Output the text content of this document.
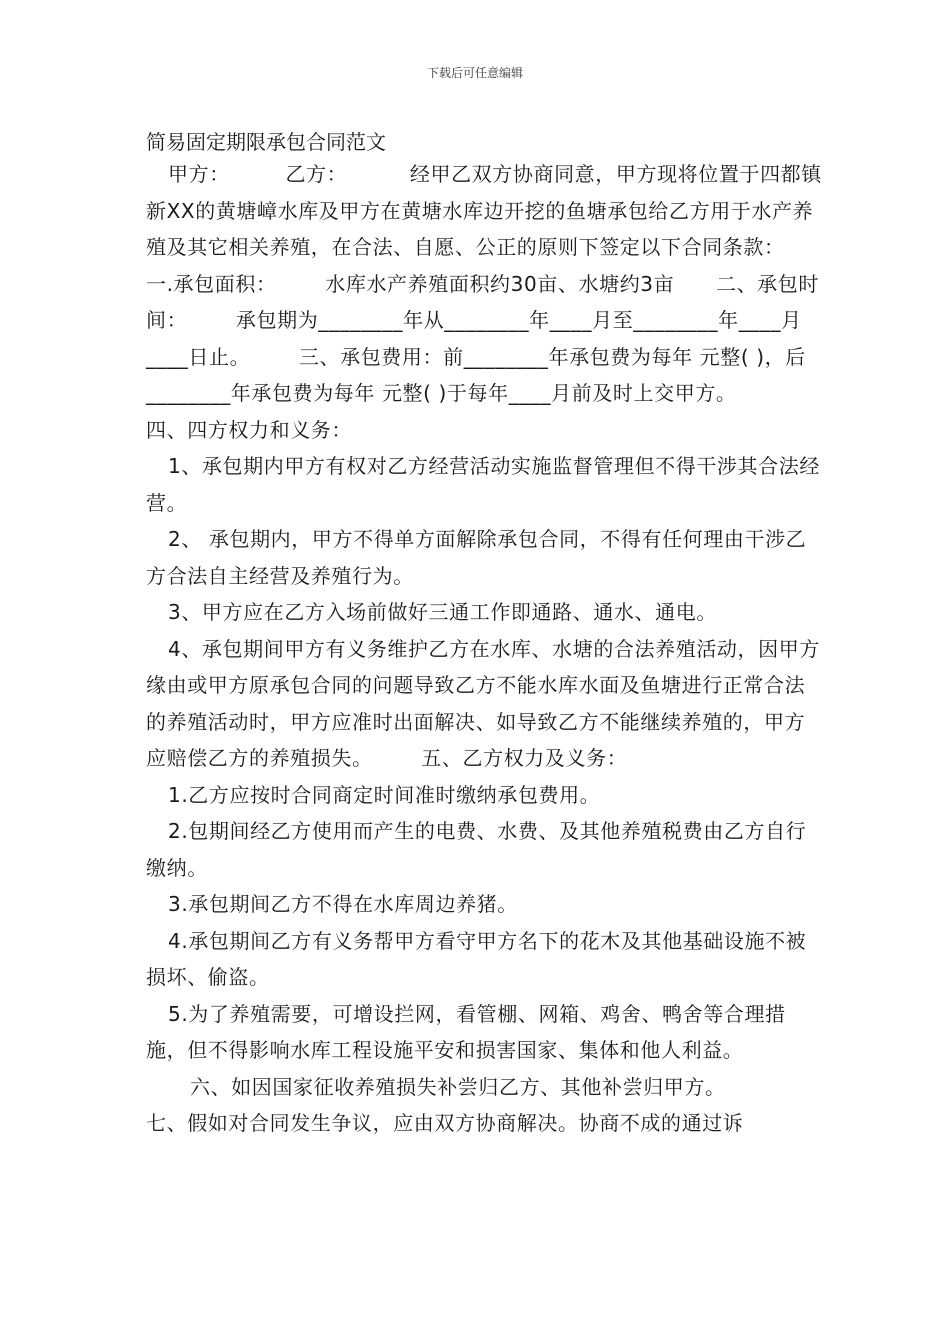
下载后可任意编辑
简易固定期限承包合同范文

甲方：        乙方：         经甲乙双方协商同意，甲方现将位置于四都镇新XX的黄塘嶂水库及甲方在黄塘水库边开挖的鱼塘承包给乙方用于水产养殖及其它相关养殖，在合法、自愿、公正的原则下签定以下合同条款：       一.承包面积：       水库水产养殖面积约30亩、水塘约3亩      二、承包时间：       承包期为________年从________年____月至________年____月____日止。       三、承包费用：前________年承包费为每年 元整( )，后________年承包费为每年 元整( )于每年____月前及时上交甲方。       四、四方权力和义务：

1、承包期内甲方有权对乙方经营活动实施监督管理但不得干涉其合法经营。

2、 承包期内，甲方不得单方面解除承包合同，不得有任何理由干涉乙方合法自主经营及养殖行为。

3、甲方应在乙方入场前做好三通工作即通路、通水、通电。

4、承包期间甲方有义务维护乙方在水库、水塘的合法养殖活动，因甲方缘由或甲方原承包合同的问题导致乙方不能水库水面及鱼塘进行正常合法的养殖活动时，甲方应准时出面解决、如导致乙方不能继续养殖的，甲方应赔偿乙方的养殖损失。       五、乙方权力及义务：

1.乙方应按时合同商定时间准时缴纳承包费用。

2.包期间经乙方使用而产生的电费、水费、及其他养殖税费由乙方自行缴纳。

3.承包期间乙方不得在水库周边养猪。

4.承包期间乙方有义务帮甲方看守甲方名下的花木及其他基础设施不被损坏、偷盗。

5.为了养殖需要，可增设拦网，看管棚、网箱、鸡舍、鸭舍等合理措施，但不得影响水库工程设施平安和损害国家、集体和他人利益。

六、如因国家征收养殖损失补尝归乙方、其他补尝归甲方。

七、假如对合同发生争议，应由双方协商解决。协商不成的通过诉
